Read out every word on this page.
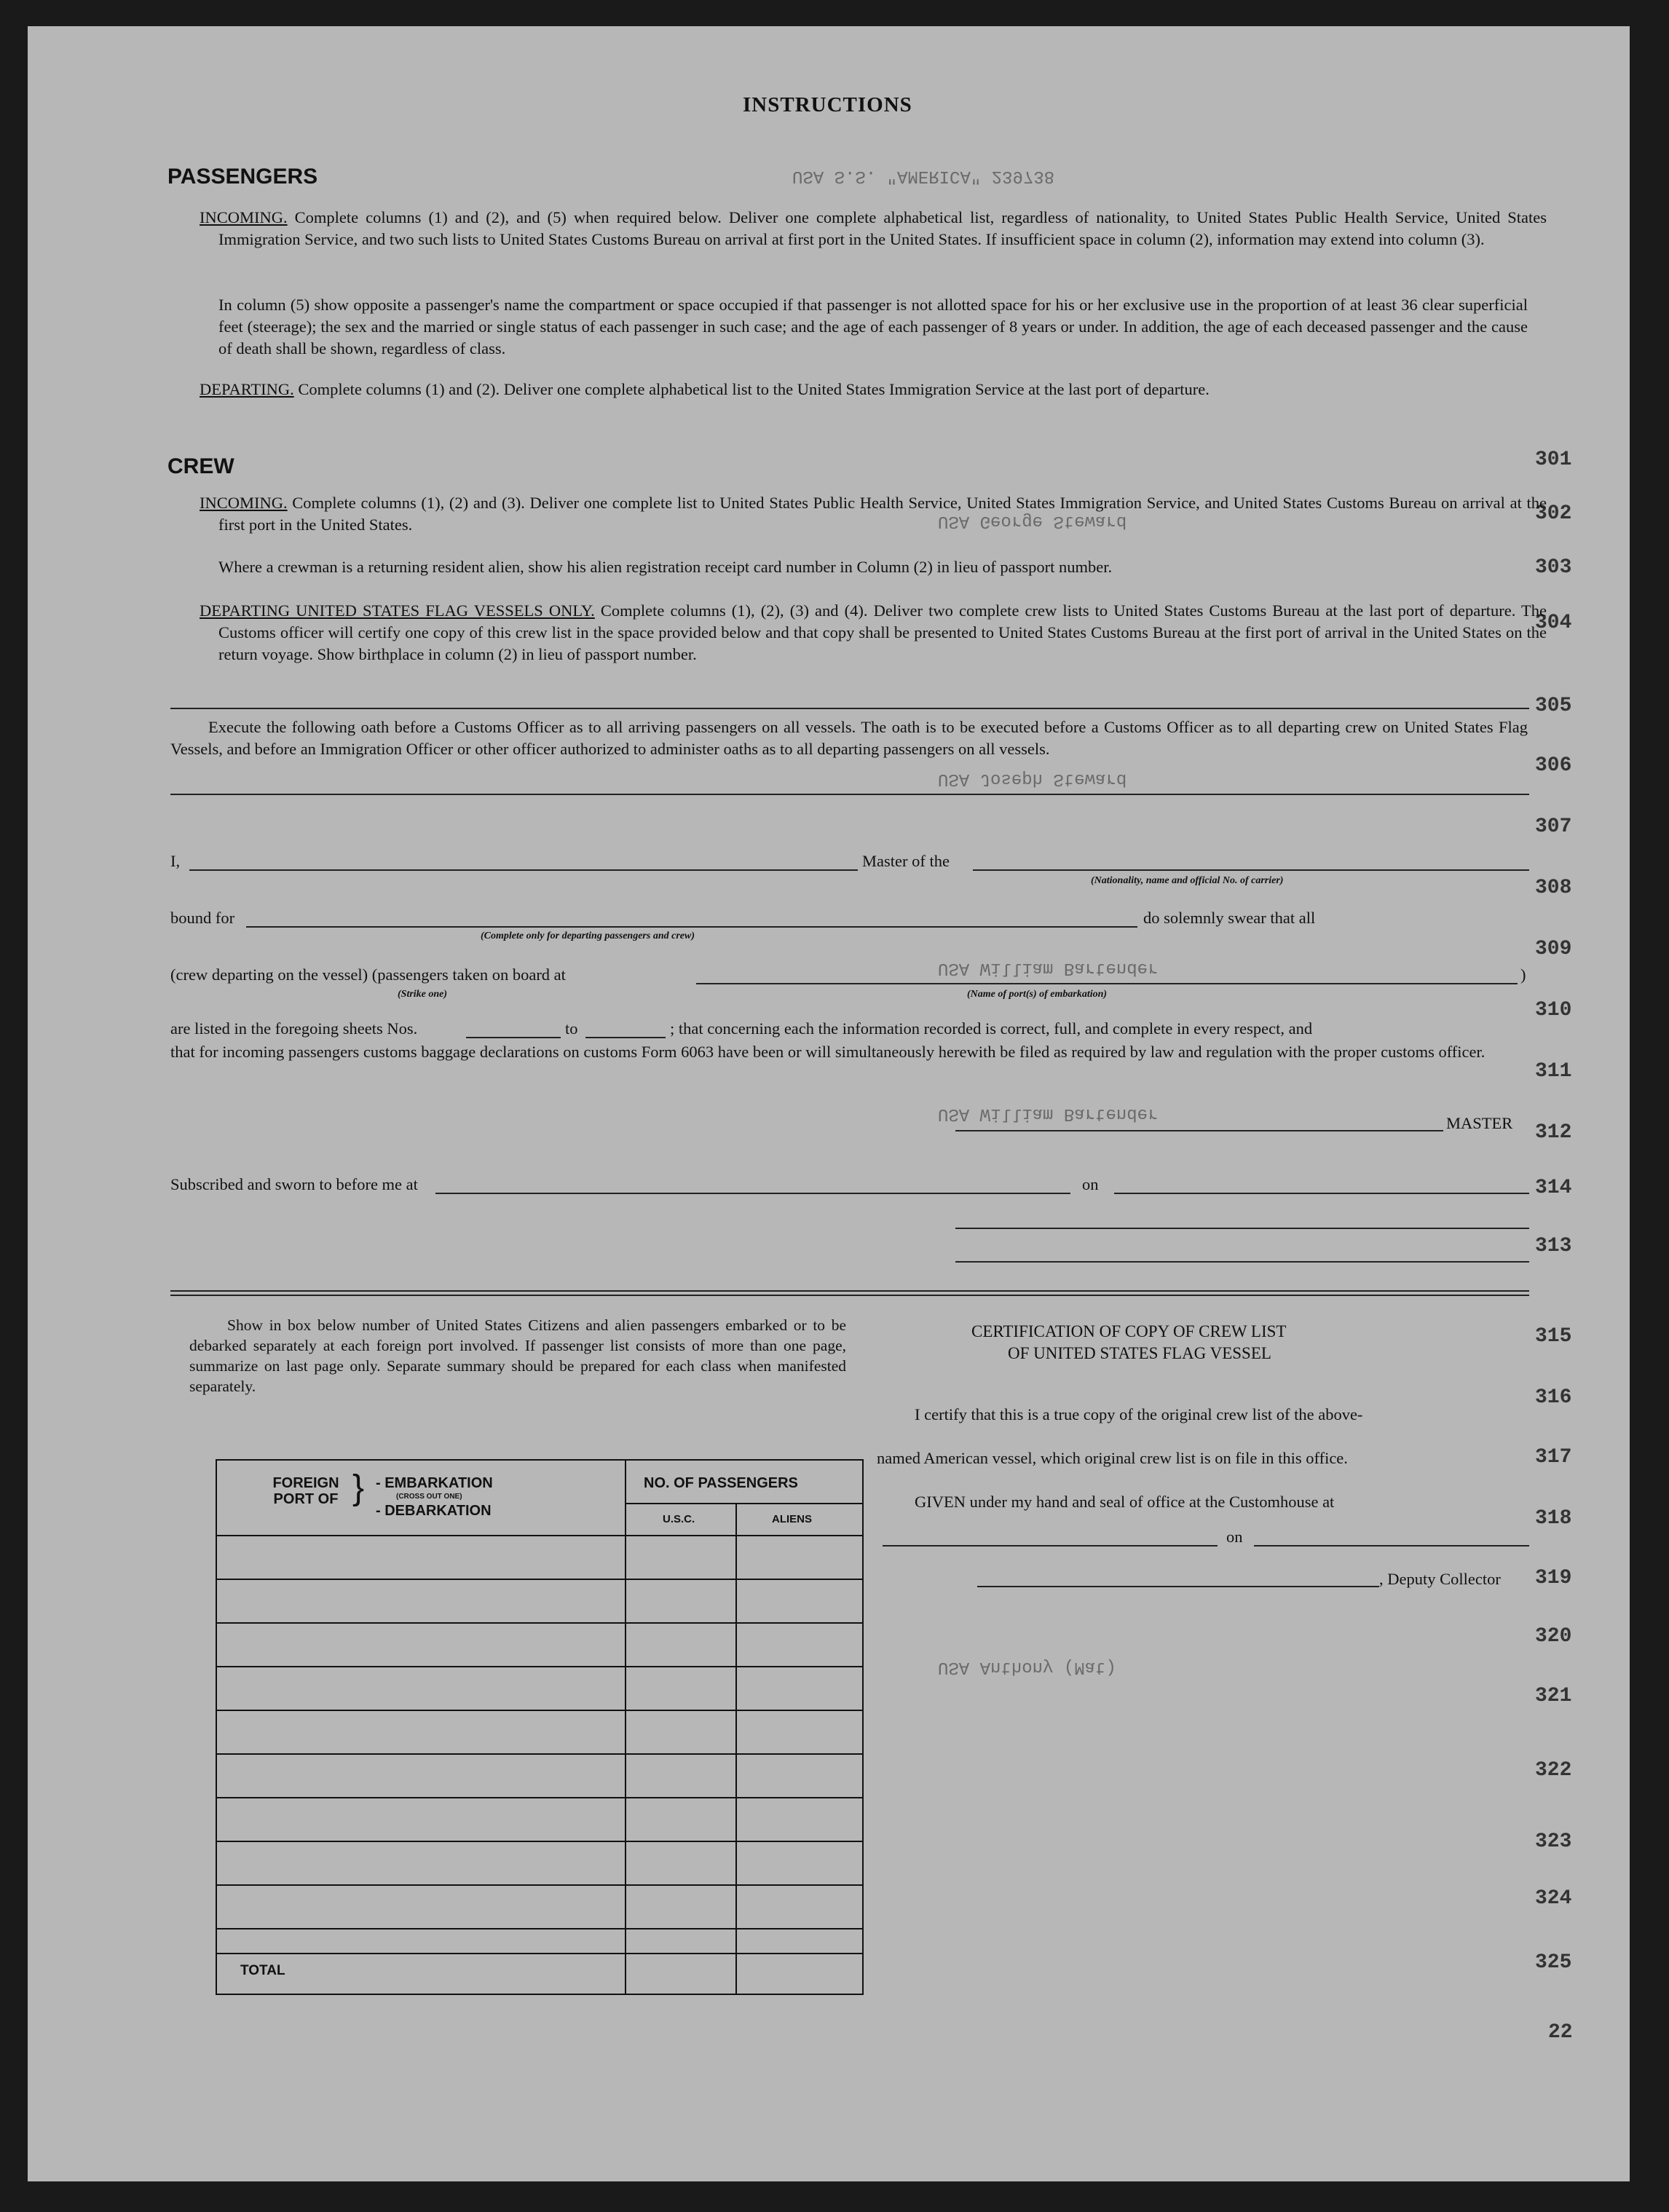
INSTRUCTIONS

USA S.S. "AMERICA" 239738
USA George Steward
USA Joseph Steward
USA William Bartender
USA William Bartender
USA Anthony (Mat)
301
302
303
304
305
306
307
308
309
310
311
312
313
314
315
316
317
318
319
320
321
322
323
324
325
22

PASSENGERS

INCOMING. Complete columns (1) and (2), and (5) when required below. Deliver one complete alphabetical list, regardless of nationality, to United States Public Health Service, United States Immigration Service, and two such lists to United States Customs Bureau on arrival at first port in the United States. If insufficient space in column (2), information may extend into column (3).
In column (5) show opposite a passenger's name the compartment or space occupied if that passenger is not allotted space for his or her exclusive use in the proportion of at least 36 clear superficial feet (steerage); the sex and the married or single status of each passenger in such case; and the age of each passenger of 8 years or under. In addition, the age of each deceased passenger and the cause of death shall be shown, regardless of class.
DEPARTING. Complete columns (1) and (2). Deliver one complete alphabetical list to the United States Immigration Service at the last port of departure.

CREW

INCOMING. Complete columns (1), (2) and (3). Deliver one complete list to United States Public Health Service, United States Immigration Service, and United States Customs Bureau on arrival at the first port in the United States.
Where a crewman is a returning resident alien, show his alien registration receipt card number in Column (2) in lieu of passport number.
DEPARTING UNITED STATES FLAG VESSELS ONLY. Complete columns (1), (2), (3) and (4). Deliver two complete crew lists to United States Customs Bureau at the last port of departure. The Customs officer will certify one copy of this crew list in the space provided below and that copy shall be presented to United States Customs Bureau at the first port of arrival in the United States on the return voyage. Show birthplace in column (2) in lieu of passport number.
Execute the following oath before a Customs Officer as to all arriving passengers on all vessels. The oath is to be executed before a Customs Officer as to all departing crew on United States Flag Vessels, and before an Immigration Officer or other officer authorized to administer oaths as to all departing passengers on all vessels.

I,	Master of the

(Nationality, name and official No. of carrier)

bound for

(Complete only for departing passengers and crew)

do solemnly swear that all

(crew departing on the vessel) (passengers taken on board at

(Strike one)	(Name of port(s) of embarkation)

)

are listed in the foregoing sheets Nos.	to	; that concerning each the information recorded is correct, full, and complete in every respect, and

that for incoming passengers customs baggage declarations on customs Form 6063 have been or will simultaneously herewith be filed as required by law and regulation with the proper customs officer.

MASTER

Subscribed and sworn to before me at	on

Show in box below number of United States Citizens and alien passengers embarked or to be debarked separately at each foreign port involved. If passenger list consists of more than one page, summarize on last page only. Separate summary should be prepared for each class when manifested separately.
FOREIGN PORT OF } - EMBARKATION
(CROSS OUT ONE)
- DEBARKATION
NO. OF PASSENGERS
U.S.C.	ALIENS
TOTAL

CERTIFICATION OF COPY OF CREW LIST

OF UNITED STATES FLAG VESSEL

I certify that this is a true copy of the original crew list of the above-

named American vessel, which original crew list is on file in this office.

GIVEN under my hand and seal of office at the Customhouse at

on

, Deputy Collector
